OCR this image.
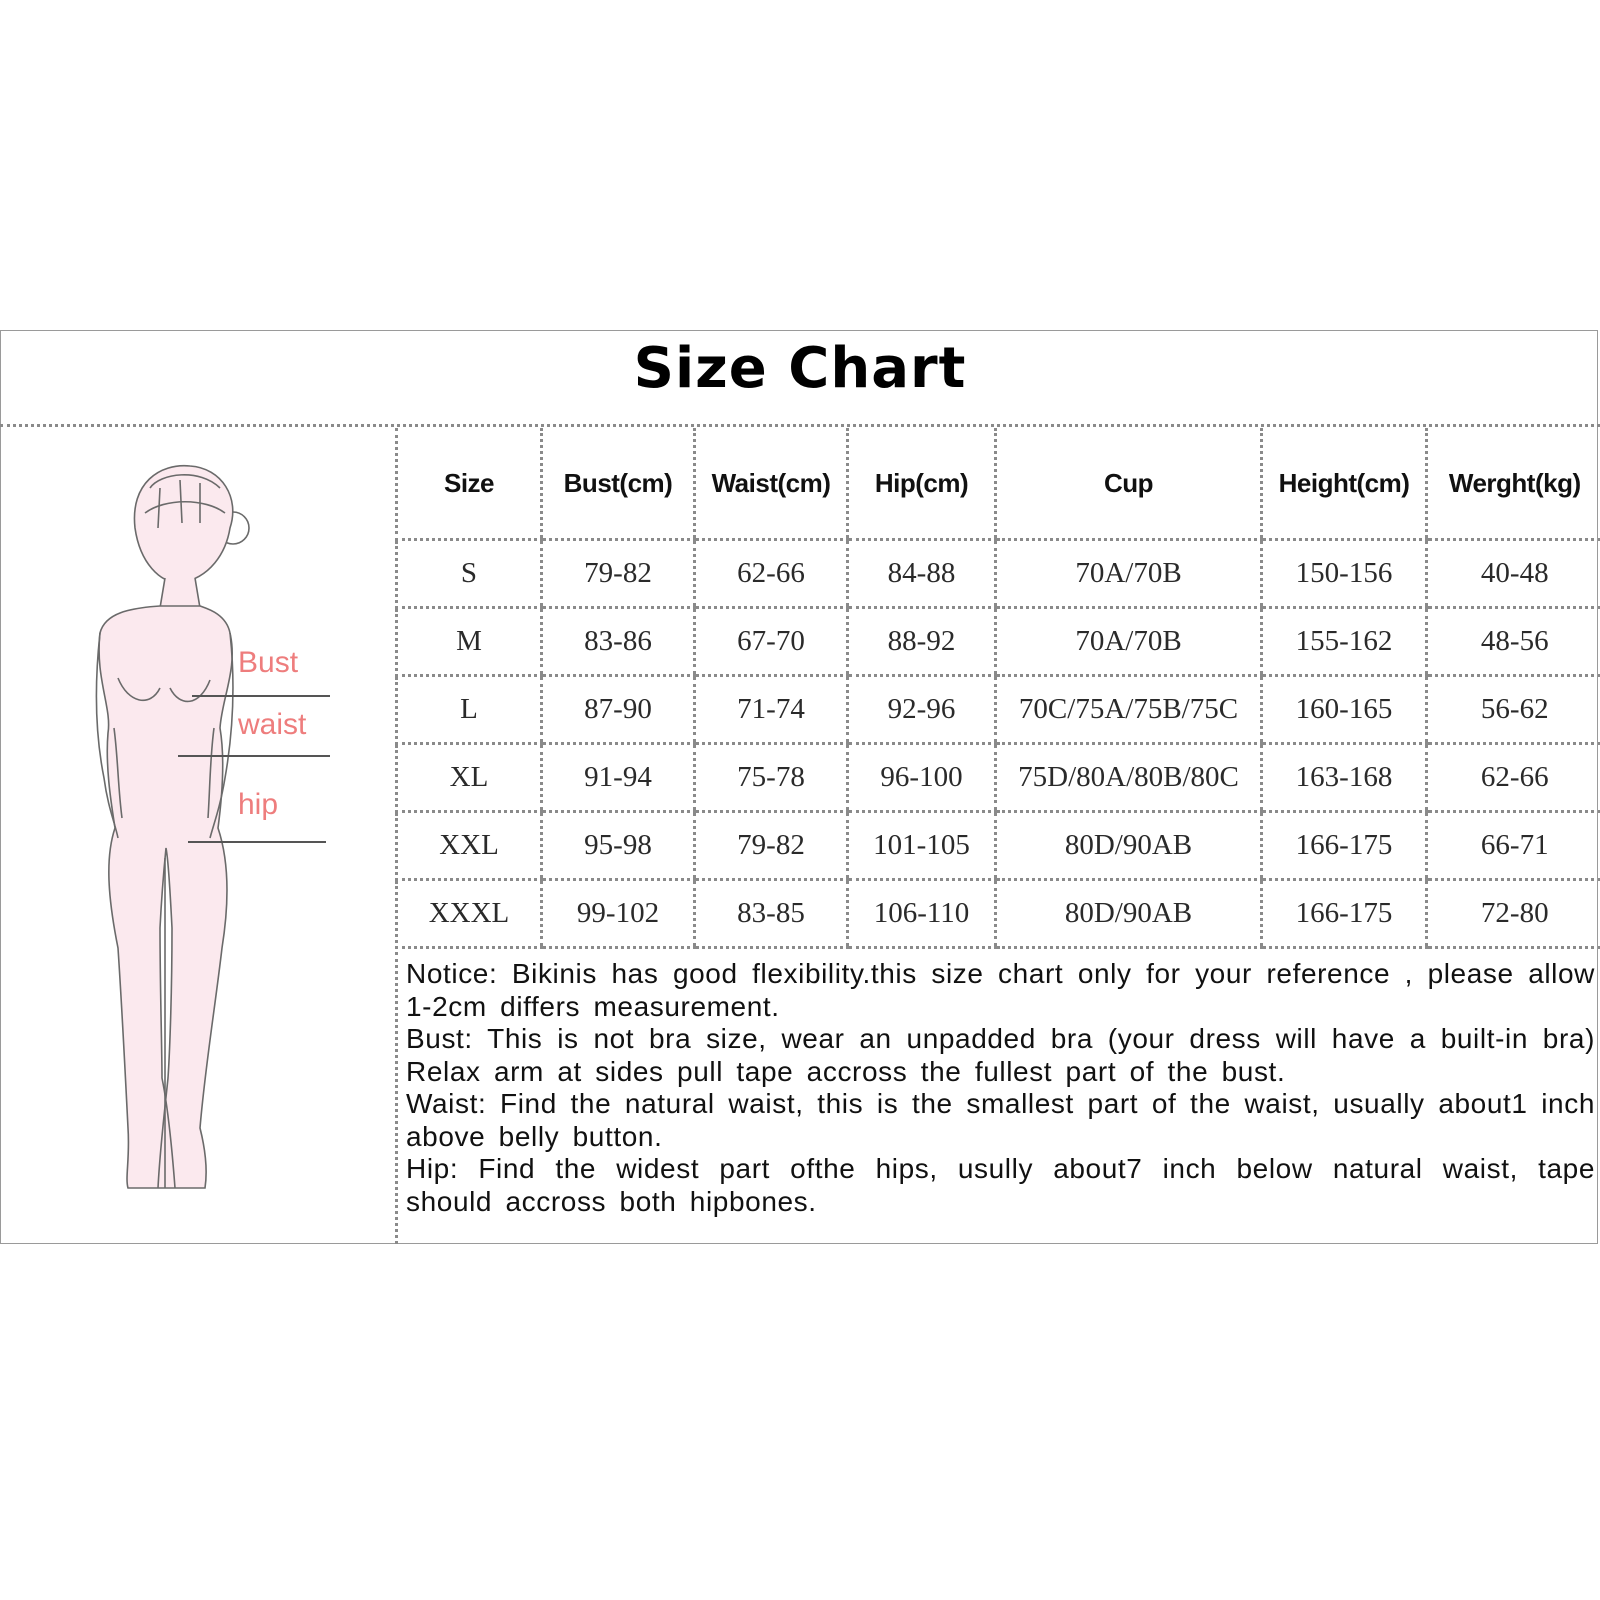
Size Chart
Bust
waist
hip
Size	Bust(cm)	Waist(cm)	Hip(cm)	Cup	Height(cm)	Werght(kg)
S	79-82	62-66	84-88	70A/70B	150-156	40-48
M	83-86	67-70	88-92	70A/70B	155-162	48-56
L	87-90	71-74	92-96	70C/75A/75B/75C	160-165	56-62
XL	91-94	75-78	96-100	75D/80A/80B/80C	163-168	62-66
XXL	95-98	79-82	101-105	80D/90AB	166-175	66-71
XXXL	99-102	83-85	106-110	80D/90AB	166-175	72-80

Notice: Bikinis has good flexibility.this size chart only for your reference , please allow 1-2cm differs measurement.

Bust: This is not bra size, wear an unpadded bra (your dress will have a built-in bra) Relax arm at sides pull tape accross the fullest part of the bust.

Waist: Find the natural waist, this is the smallest part of the waist, usually about1 inch above belly button.

Hip: Find the widest part ofthe hips, usully about7 inch below natural waist, tape should accross both hipbones.
